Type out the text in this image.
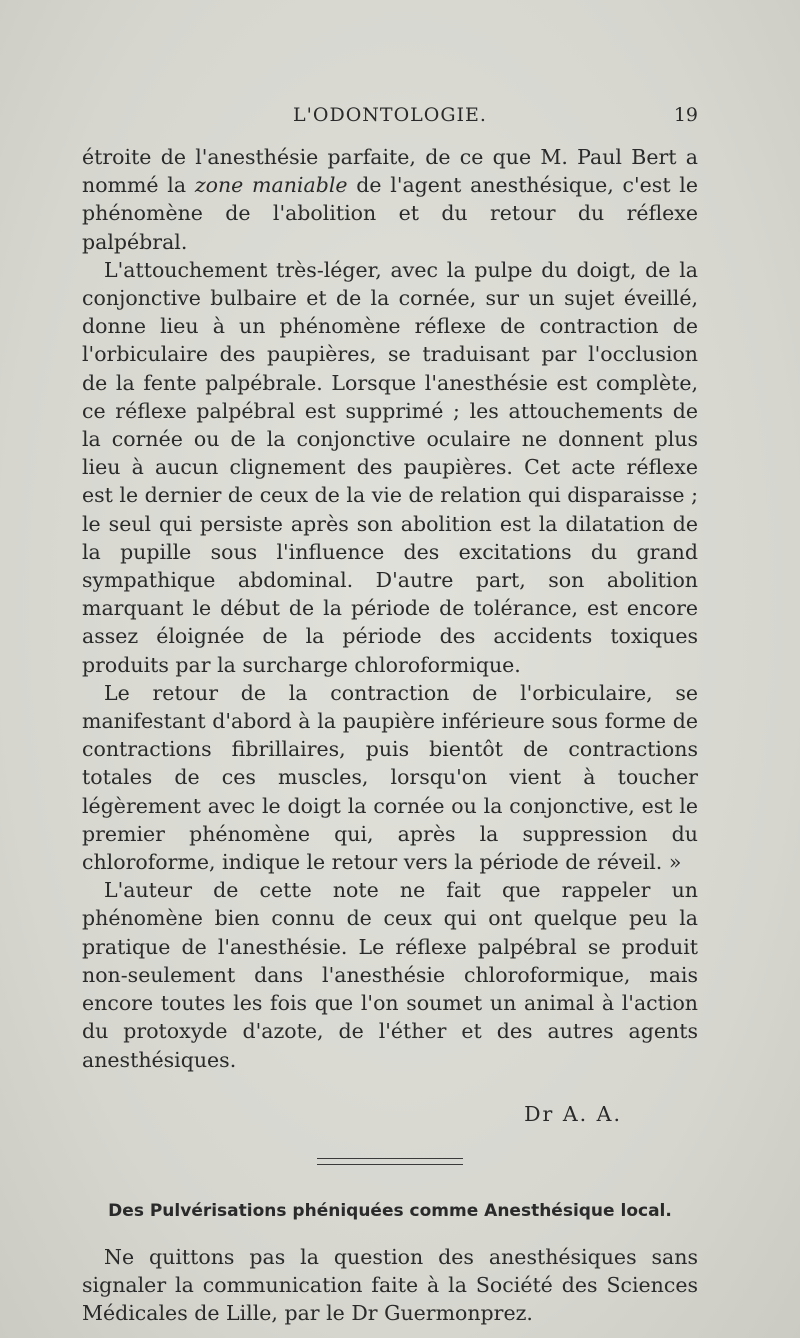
L'ODONTOLOGIE.	19

étroite de l'anesthésie parfaite, de ce que M. Paul Bert a nommé la zone maniable de l'agent anesthésique, c'est le phénomène de l'abolition et du retour du réflexe palpébral.

L'attouchement très-léger, avec la pulpe du doigt, de la conjonctive bulbaire et de la cornée, sur un sujet éveillé, donne lieu à un phénomène réflexe de contraction de l'orbiculaire des paupières, se traduisant par l'occlusion de la fente palpébrale. Lorsque l'anesthésie est complète, ce réflexe palpébral est supprimé ; les attouchements de la cornée ou de la conjonctive oculaire ne donnent plus lieu à aucun clignement des paupières. Cet acte réflexe est le dernier de ceux de la vie de relation qui disparaisse ; le seul qui persiste après son abolition est la dilatation de la pupille sous l'influence des excitations du grand sympathique abdominal. D'autre part, son abolition marquant le début de la période de tolérance, est encore assez éloignée de la période des accidents toxiques produits par la surcharge chloroformique.

Le retour de la contraction de l'orbiculaire, se manifestant d'abord à la paupière inférieure sous forme de contractions fibrillaires, puis bientôt de contractions totales de ces muscles, lorsqu'on vient à toucher légèrement avec le doigt la cornée ou la conjonctive, est le premier phénomène qui, après la suppression du chloroforme, indique le retour vers la période de réveil. »

L'auteur de cette note ne fait que rappeler un phénomène bien connu de ceux qui ont quelque peu la pratique de l'anesthésie. Le réflexe palpébral se produit non-seulement dans l'anesthésie chloroformique, mais encore toutes les fois que l'on soumet un animal à l'action du protoxyde d'azote, de l'éther et des autres agents anesthésiques.

Dr A. A.
Des Pulvérisations phéniquées comme Anesthésique local.

Ne quittons pas la question des anesthésiques sans signaler la communication faite à la Société des Sciences Médicales de Lille, par le Dr Guermonprez.
